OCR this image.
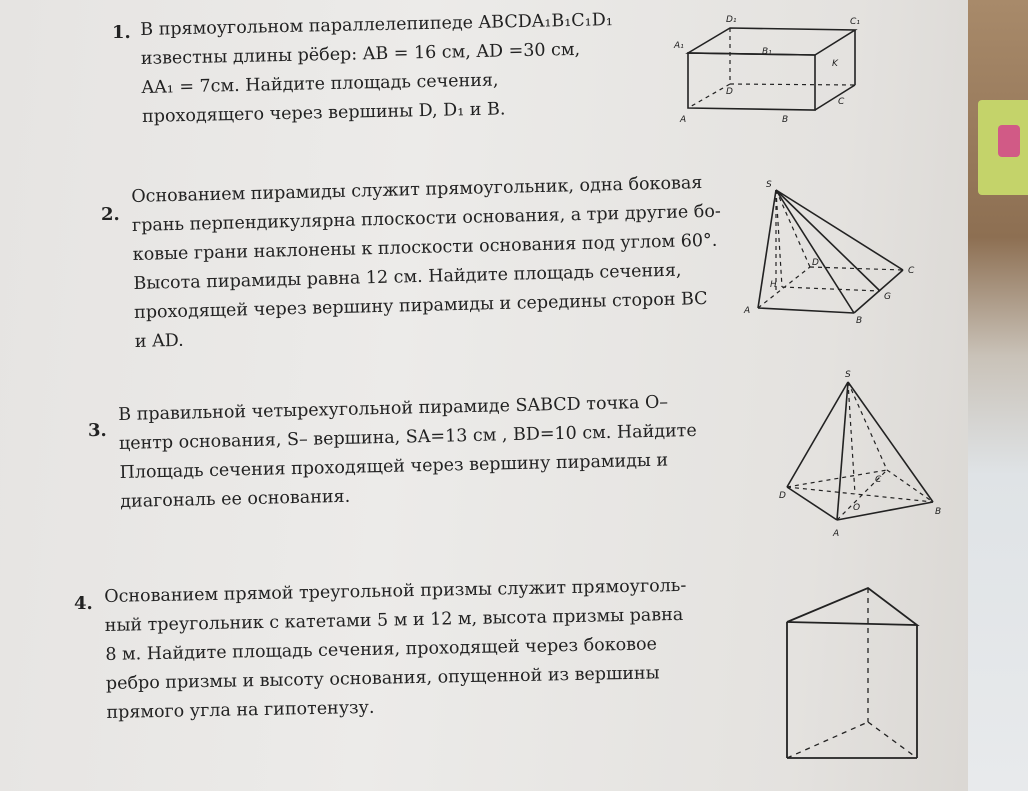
1. В прямоугольном параллелепипеде ABCDA₁B₁C₁D₁
известны длины рёбер: AB = 16 см, AD =30 см,
AA₁ = 7см. Найдите площадь сечения,
проходящего через вершины D, D₁ и B.
D₁	C₁
A₁
B₁
K
D
C
A	B
2.
Основанием пирамиды служит прямоугольник, одна боковая
грань перпендикулярна плоскости основания, а три другие бо-
ковые грани наклонены к плоскости основания под углом 60°.
Высота пирамиды равна 12 см. Найдите площадь сечения,
проходящей через вершину пирамиды и середины сторон BC
и AD.
S
D
C
H
G
A
B
3.
В правильной четырехугольной пирамиде SABCD точка O–
центр основания, S– вершина, SA=13 см , BD=10 см. Найдите
Площадь сечения проходящей через вершину пирамиды и
диагональ ее основания.
S
C
D
O	B
A
4. Основанием прямой треугольной призмы служит прямоуголь-
ный треугольник с катетами 5 м и 12 м, высота призмы равна
8 м. Найдите площадь сечения, проходящей через боковое
ребро призмы и высоту основания, опущенной из вершины
прямого угла на гипотенузу.
